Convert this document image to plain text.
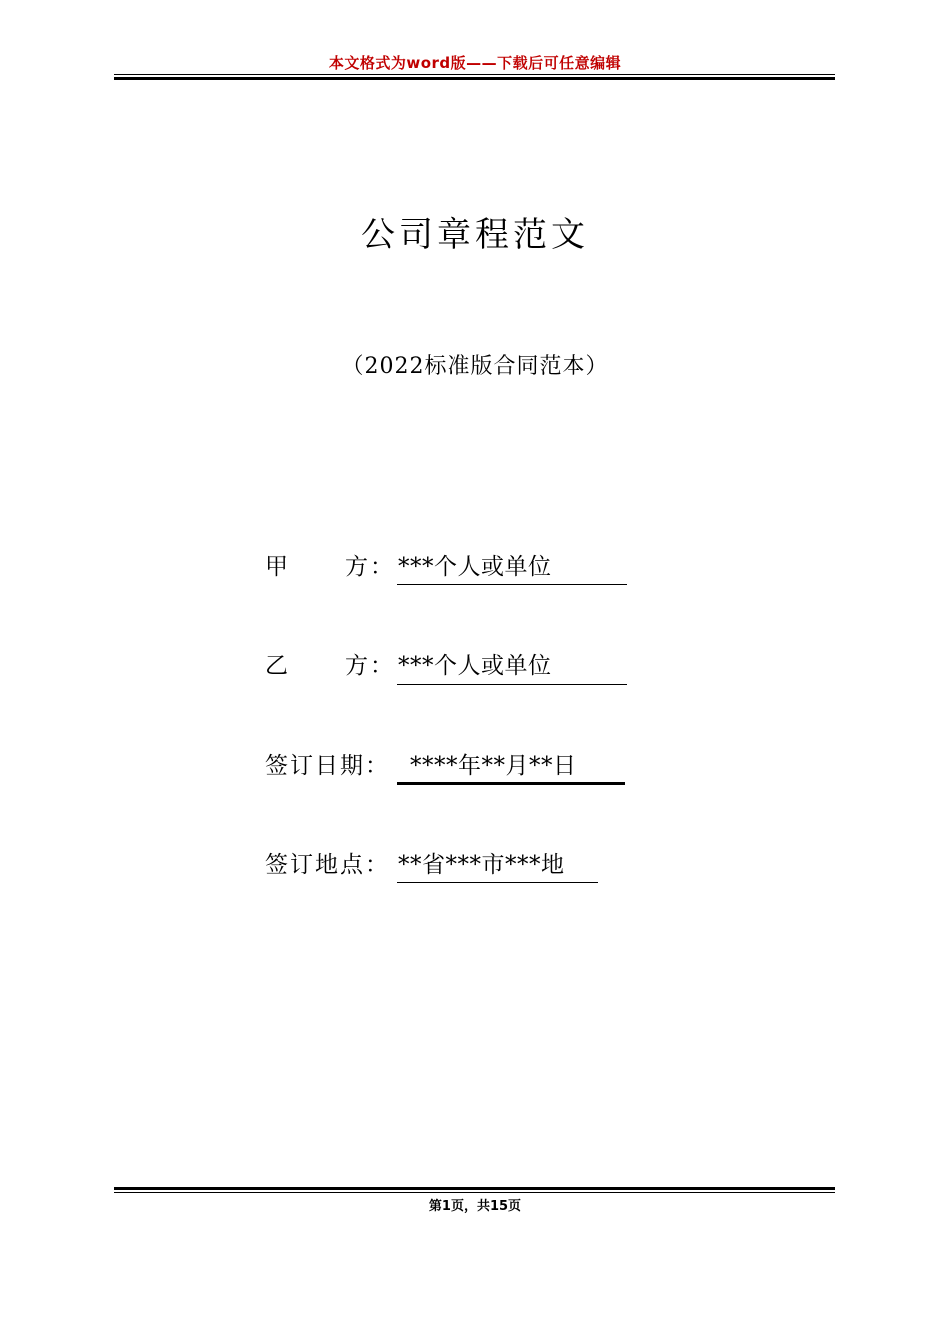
本文格式为word版——下载后可任意编辑
公司章程范文
（2022标准版合同范本）
甲 方： ***个人或单位
乙 方： ***个人或单位
签订日期： ****年**月**日
签订地点： **省***市***地
第1页，共15页
